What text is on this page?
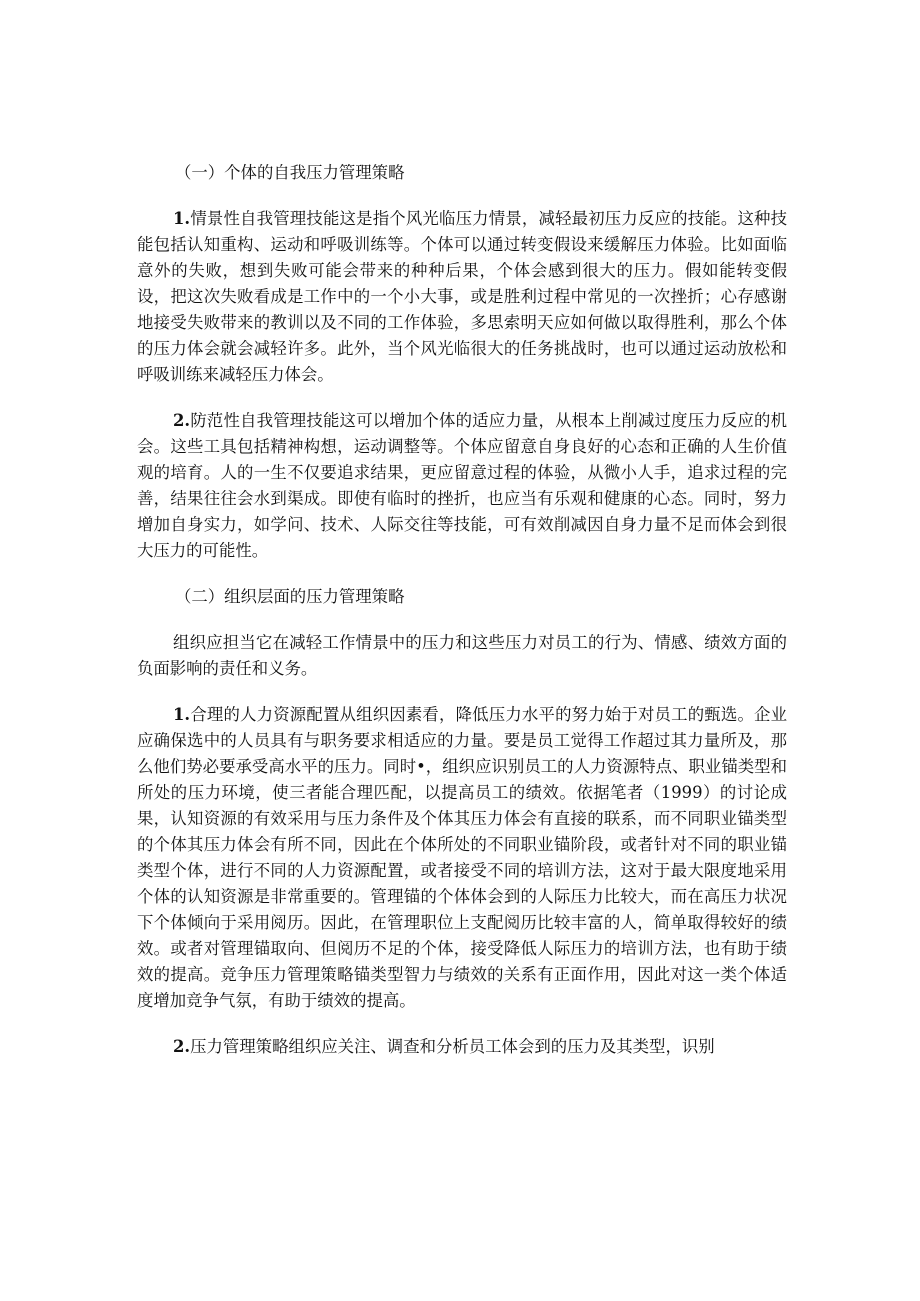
（一）个体的自我压力管理策略

1.情景性自我管理技能这是指个风光临压力情景，减轻最初压力反应的技能。这种技能包括认知重构、运动和呼吸训练等。个体可以通过转变假设来缓解压力体验。比如面临意外的失败，想到失败可能会带来的种种后果，个体会感到很大的压力。假如能转变假设，把这次失败看成是工作中的一个小大事，或是胜利过程中常见的一次挫折；心存感谢地接受失败带来的教训以及不同的工作体验，多思索明天应如何做以取得胜利，那么个体的压力体会就会减轻许多。此外，当个风光临很大的任务挑战时，也可以通过运动放松和呼吸训练来减轻压力体会。

2.防范性自我管理技能这可以增加个体的适应力量，从根本上削减过度压力反应的机会。这些工具包括精神构想，运动调整等。个体应留意自身良好的心态和正确的人生价值观的培育。人的一生不仅要追求结果，更应留意过程的体验，从微小人手，追求过程的完善，结果往往会水到渠成。即使有临时的挫折，也应当有乐观和健康的心态。同时，努力增加自身实力，如学问、技术、人际交往等技能，可有效削减因自身力量不足而体会到很大压力的可能性。

（二）组织层面的压力管理策略

组织应担当它在减轻工作情景中的压力和这些压力对员工的行为、情感、绩效方面的负面影响的责任和义务。

1.合理的人力资源配置从组织因素看，降低压力水平的努力始于对员工的甄选。企业应确保选中的人员具有与职务要求相适应的力量。要是员工觉得工作超过其力量所及，那么他们势必要承受高水平的压力。同时•，组织应识别员工的人力资源特点、职业锚类型和所处的压力环境，使三者能合理匹配，以提高员工的绩效。依据笔者（1999）的讨论成果，认知资源的有效采用与压力条件及个体其压力体会有直接的联系，而不同职业锚类型的个体其压力体会有所不同，因此在个体所处的不同职业锚阶段，或者针对不同的职业锚类型个体，进行不同的人力资源配置，或者接受不同的培训方法，这对于最大限度地采用个体的认知资源是非常重要的。管理锚的个体体会到的人际压力比较大，而在高压力状况下个体倾向于采用阅历。因此，在管理职位上支配阅历比较丰富的人，简单取得较好的绩效。或者对管理锚取向、但阅历不足的个体，接受降低人际压力的培训方法，也有助于绩效的提高。竞争压力管理策略锚类型智力与绩效的关系有正面作用，因此对这一类个体适度增加竞争气氛，有助于绩效的提高。

2.压力管理策略组织应关注、调查和分析员工体会到的压力及其类型，识别
